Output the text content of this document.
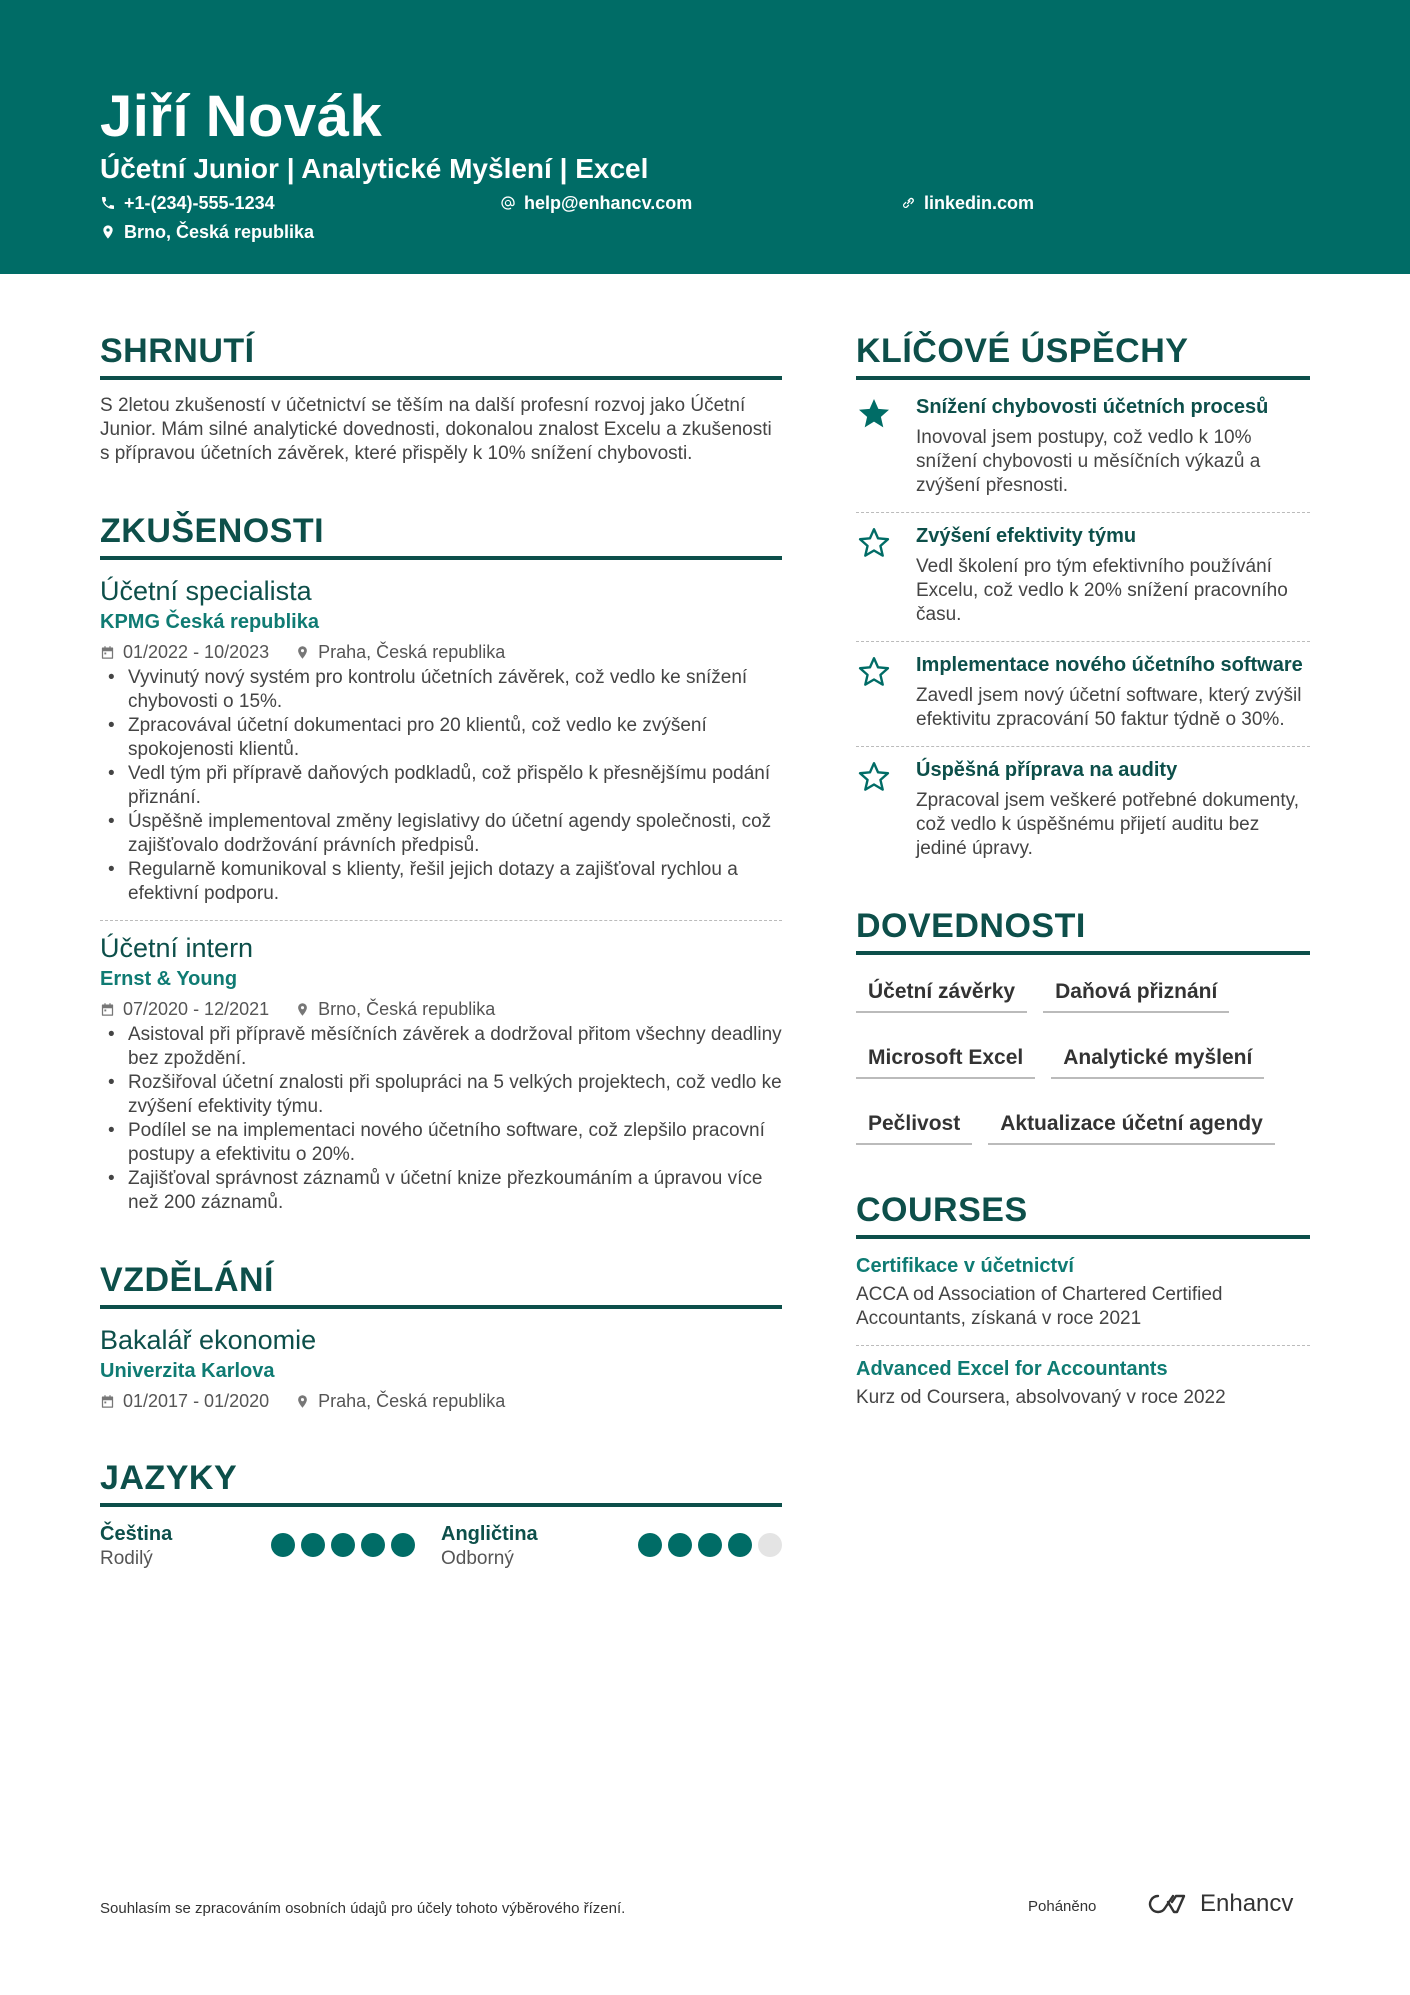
Jiří Novák
Účetní Junior | Analytické Myšlení | Excel
+1-(234)-555-1234	help@enhancv.com	linkedin.com
Brno, Česká republika
SHRNUTÍ
S 2letou zkušeností v účetnictví se těším na další profesní rozvoj jako Účetní Junior. Mám silné analytické dovednosti, dokonalou znalost Excelu a zkušenosti s přípravou účetních závěrek, které přispěly k 10% snížení chybovosti.
ZKUŠENOSTI
Účetní specialista
KPMG Česká republika
01/2022 - 10/2023	Praha, Česká republika
• Vyvinutý nový systém pro kontrolu účetních závěrek, což vedlo ke snížení chybovosti o 15%.
• Zpracovával účetní dokumentaci pro 20 klientů, což vedlo ke zvýšení spokojenosti klientů.
• Vedl tým při přípravě daňových podkladů, což přispělo k přesnějšímu podání přiznání.
• Úspěšně implementoval změny legislativy do účetní agendy společnosti, což zajišťovalo dodržování právních předpisů.
• Regularně komunikoval s klienty, řešil jejich dotazy a zajišťoval rychlou a efektivní podporu.
Účetní intern
Ernst & Young
07/2020 - 12/2021	Brno, Česká republika
• Asistoval při přípravě měsíčních závěrek a dodržoval přitom všechny deadliny bez zpoždění.
• Rozšiřoval účetní znalosti při spolupráci na 5 velkých projektech, což vedlo ke zvýšení efektivity týmu.
• Podílel se na implementaci nového účetního software, což zlepšilo pracovní postupy a efektivitu o 20%.
• Zajišťoval správnost záznamů v účetní knize přezkoumáním a úpravou více než 200 záznamů.
VZDĚLÁNÍ
Bakalář ekonomie
Univerzita Karlova
01/2017 - 01/2020	Praha, Česká republika
JAZYKY
Čeština
Rodilý
Angličtina
Odborný
KLÍČOVÉ ÚSPĚCHY
Snížení chybovosti účetních procesů
Inovoval jsem postupy, což vedlo k 10% snížení chybovosti u měsíčních výkazů a zvýšení přesnosti.
Zvýšení efektivity týmu
Vedl školení pro tým efektivního používání Excelu, což vedlo k 20% snížení pracovního času.
Implementace nového účetního software
Zavedl jsem nový účetní software, který zvýšil efektivitu zpracování 50 faktur týdně o 30%.
Úspěšná příprava na audity
Zpracoval jsem veškeré potřebné dokumenty, což vedlo k úspěšnému přijetí auditu bez jediné úpravy.
DOVEDNOSTI
Účetní závěrky	Daňová přiznání
Microsoft Excel	Analytické myšlení
Pečlivost	Aktualizace účetní agendy
COURSES
Certifikace v účetnictví
ACCA od Association of Chartered Certified Accountants, získaná v roce 2021
Advanced Excel for Accountants
Kurz od Coursera, absolvovaný v roce 2022
Souhlasím se zpracováním osobních údajů pro účely tohoto výběrového řízení.	Poháněno	Enhancv
